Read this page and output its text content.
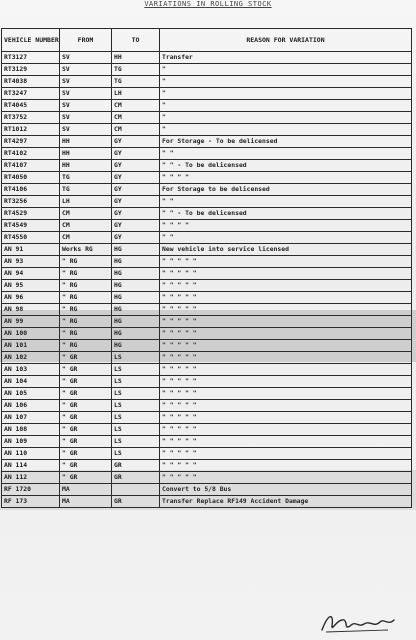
VARIATIONS IN ROLLING STOCK
VEHICLE NUMBER	FROM	TO	REASON FOR VARIATION
RT3127	SV	HH	Transfer
RT3129	SV	TG	"
RT4038	SV	TG	"
RT3247	SV	LH	"
RT4045	SV	CM	"
RT3752	SV	CM	"
RT1012	SV	CM	"
RT4297	HH	GY	For Storage - To be delicensed
RT4102	HH	GY	" "
RT4107	HH	GY	" " - To be delicensed
RT4050	TG	GY	" " " "
RT4106	TG	GY	For Storage to be delicensed
RT3256	LH	GY	" "
RT4529	CM	GY	" " - To be delicensed
RT4549	CM	GY	" " " "
RT4550	CM	GY	" "
AN 91	Works RG	HG	New vehicle into service licensed
AN 93	" RG	HG	" " " " "
AN 94	" RG	HG	" " " " "
AN 95	" RG	HG	" " " " "
AN 96	" RG	HG	" " " " "
AN 98	" RG	HG	" " " " "
AN 99	" RG	HG	" " " " "
AN 100	" RG	HG	" " " " "
AN 101	" RG	HG	" " " " "
AN 102	" GR	LS	" " " " "
AN 103	" GR	LS	" " " " "
AN 104	" GR	LS	" " " " "
AN 105	" GR	LS	" " " " "
AN 106	" GR	LS	" " " " "
AN 107	" GR	LS	" " " " "
AN 108	" GR	LS	" " " " "
AN 109	" GR	LS	" " " " "
AN 110	" GR	LS	" " " " "
AN 114	" GR	GR	" " " " "
AN 112	" GR	GR	" " " " "
RF 1720	MA		Convert to 5/8 Bus
RF 173	MA	GR	Transfer Replace RF149 Accident Damage
